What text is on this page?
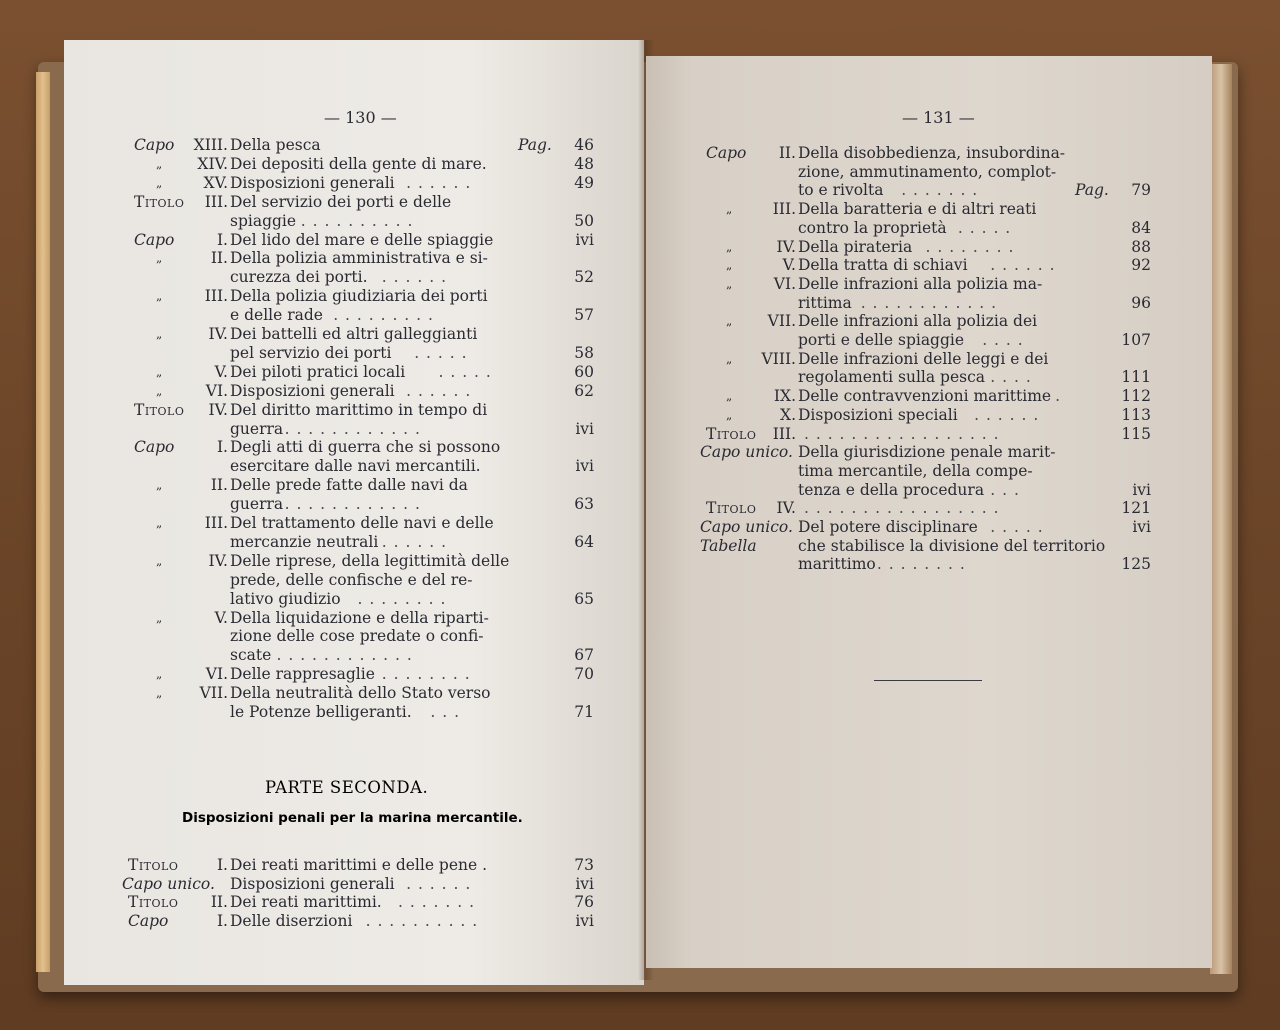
— 130 —
Capo	XIII. Della pesca	Pag.	46
„	XIV. Dei depositi della gente di mare.	48
„	XV. Disposizioni generali . . . . . .	49
Titolo	III. Del servizio dei porti e delle
spiaggie . . . . . . . . . .	50
Capo	I. Del lido del mare e delle spiaggie	ivi
„	II. Della polizia amministrativa e si-
curezza dei porti. . . . . . .	52
„	III. Della polizia giudiziaria dei porti
e delle rade . . . . . . . . .	57
„	IV. Dei battelli ed altri galleggianti
pel servizio dei porti . . . . .	58
„	V. Dei piloti pratici locali . . . . .	60
„	VI. Disposizioni generali . . . . . .	62
Titolo	IV. Del diritto marittimo in tempo di
guerra . . . . . . . . . . . .	ivi
Capo	I. Degli atti di guerra che si possono
esercitare dalle navi mercantili.	ivi
„	II. Delle prede fatte dalle navi da
guerra . . . . . . . . . . . .	63
„	III. Del trattamento delle navi e delle
mercanzie neutrali . . . . . .	64
„	IV. Delle riprese, della legittimità delle
prede, delle confische e del re-
lativo giudizio . . . . . . . .	65
„	V. Della liquidazione e della riparti-
zione delle cose predate o confi-
scate . . . . . . . . . . . .	67
„	VI. Delle rappresaglie . . . . . . . .	70
„	VII. Della neutralità dello Stato verso
le Potenze belligeranti. . . .	71
PARTE SECONDA.
Disposizioni penali per la marina mercantile.
Titolo	I. Dei reati marittimi e delle pene .	73
Capo unico. Disposizioni generali . . . . . .	ivi
Titolo	II. Dei reati marittimi. . . . . . . .	76
Capo	I. Delle diserzioni . . . . . . . . . .	ivi
— 131 —
Capo	II. Della disobbedienza, insubordina-
zione, ammutinamento, complot-
to e rivolta . . . . . . .	Pag.	79
„	III. Della baratteria e di altri reati
contro la proprietà . . . . .	84
„	IV. Della pirateria . . . . . . . .	88
„	V. Della tratta di schiavi . . . . . .	92
„	VI. Delle infrazioni alla polizia ma-
rittima . . . . . . . . . . . .	96
„	VII. Delle infrazioni alla polizia dei
porti e delle spiaggie . . . .	107
„	VIII. Delle infrazioni delle leggi e dei
regolamenti sulla pesca . . . .	111
„	IX. Delle contravvenzioni marittime .	112
„	X. Disposizioni speciali . . . . . .	113
Titolo	III. . . . . . . . . . . . . . . . . .	115
Capo unico. Della giurisdizione penale marit-
tima mercantile, della compe-
tenza e della procedura . . .	ivi
Titolo	IV. . . . . . . . . . . . . . . . . .	121
Capo unico. Del potere disciplinare . . . . .	ivi
Tabella	che stabilisce la divisione del territorio
marittimo . . . . . . . .	125
